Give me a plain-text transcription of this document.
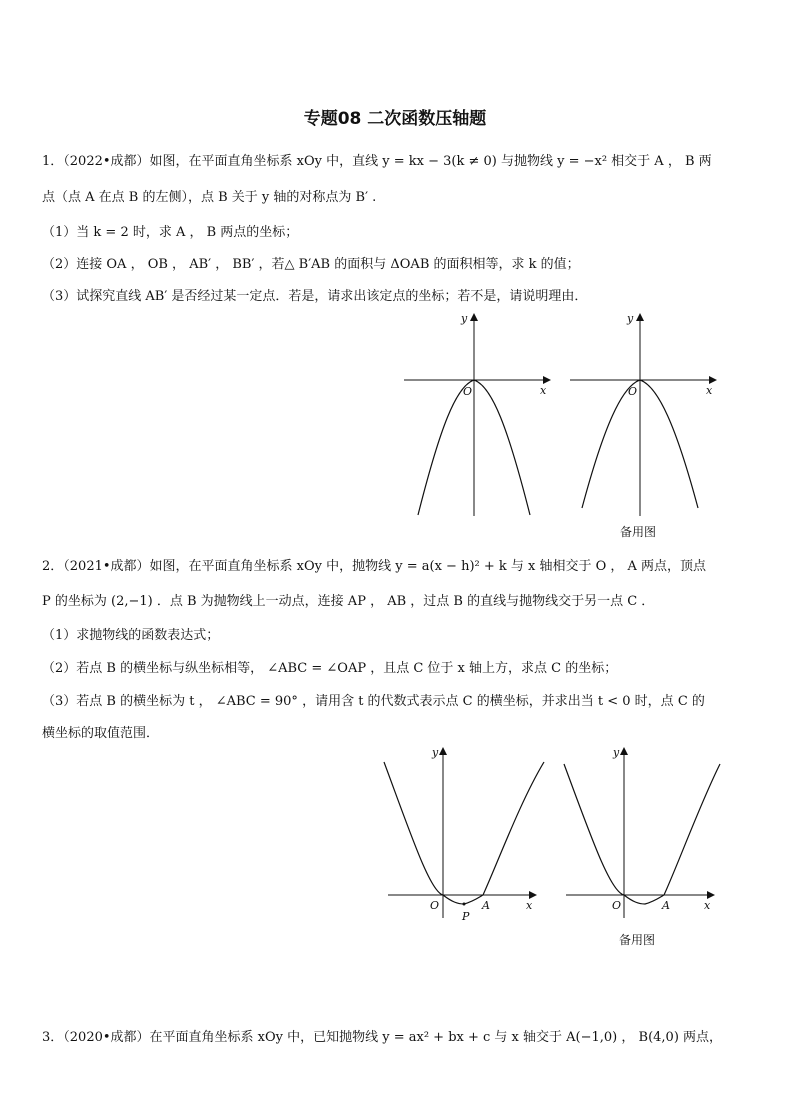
专题08 二次函数压轴题
1．（2022•成都）如图，在平面直角坐标系 xOy 中，直线 y = kx − 3(k ≠ 0) 与抛物线 y = −x² 相交于 A ， B 两
点（点 A 在点 B 的左侧），点 B 关于 y 轴的对称点为 B′ .
（1）当 k = 2 时，求 A ， B 两点的坐标；
（2）连接 OA ， OB ， AB′ ， BB′ ，若△ B′AB 的面积与 ΔOAB 的面积相等，求 k 的值；
（3）试探究直线 AB′ 是否经过某一定点．若是，请求出该定点的坐标；若不是，请说明理由．
y
x
O
y
x
O
备用图
2．（2021•成都）如图，在平面直角坐标系 xOy 中，抛物线 y = a(x − h)² + k 与 x 轴相交于 O ， A 两点，顶点
P 的坐标为 (2,−1) ．点 B 为抛物线上一动点，连接 AP ， AB ，过点 B 的直线与抛物线交于另一点 C ．
（1）求抛物线的函数表达式；
（2）若点 B 的横坐标与纵坐标相等， ∠ABC = ∠OAP ，且点 C 位于 x 轴上方，求点 C 的坐标；
（3）若点 B 的横坐标为 t ， ∠ABC = 90° ，请用含 t 的代数式表示点 C 的横坐标，并求出当 t < 0 时，点 C 的
横坐标的取值范围．
y
x
O	A
P
y
x
O	A
备用图
3．（2020•成都）在平面直角坐标系 xOy 中，已知抛物线 y = ax² + bx + c 与 x 轴交于 A(−1,0) ， B(4,0) 两点，
